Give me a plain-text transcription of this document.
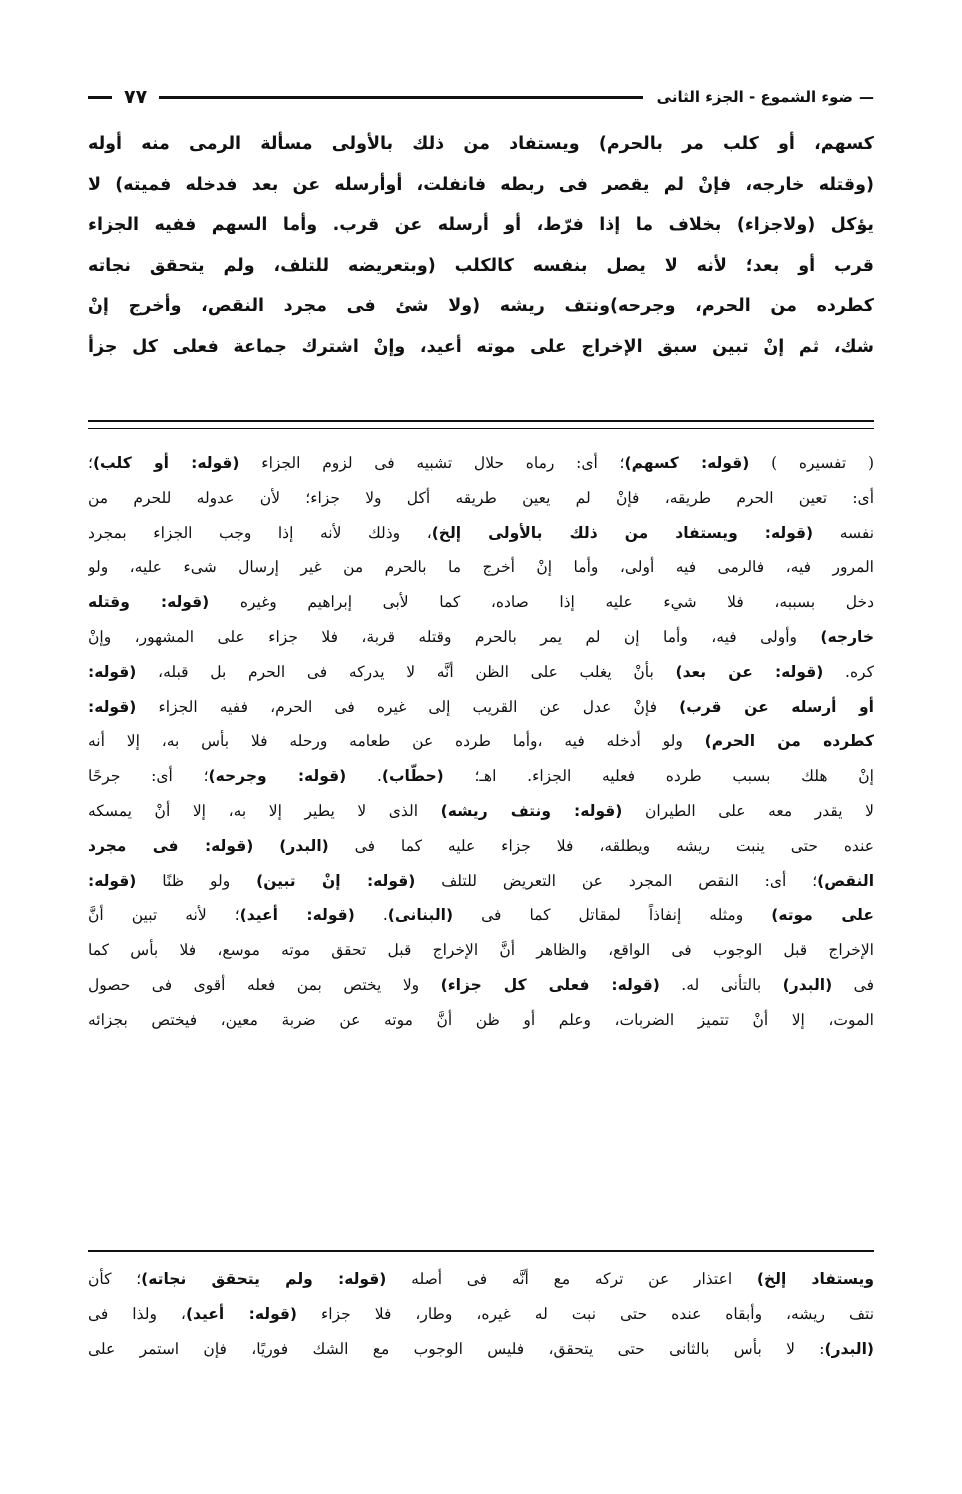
— ضوء الشموع - الجزء الثانى
٧٧

كسهم، أو كلب مر بالحرم) ويستفاد من ذلك بالأولى مسألة الرمى منه أوله

(وقتله خارجه، فإنْ لم يقصر فى ربطه فانفلت، أوأرسله عن بعد فدخله فميته) لا

يؤكل (ولاجزاء) بخلاف ما إذا فرّط، أو أرسله عن قرب. وأما السهم ففيه الجزاء

قرب أو بعد؛ لأنه لا يصل بنفسه كالكلب (وبتعريضه للتلف، ولم يتحقق نجاته

كطرده من الحرم، وجرحه)ونتف ريشه (ولا شئ فى مجرد النقص، وأخرج إنْ

شك، ثم إنْ تبين سبق الإخراج على موته أعيد، وإنْ اشترك جماعة فعلى كل جزأ

( تفسيره ) (قوله: كسهم)؛ أى: رماه حلال تشبيه فى لزوم الجزاء (قوله: أو كلب)؛

أى: تعين الحرم طريقه، فإنْ لم يعين طريقه أكل ولا جزاء؛ لأن عدوله للحرم من

نفسه (قوله: ويستفاد من ذلك بالأولى إلخ)، وذلك لأنه إذا وجب الجزاء بمجرد

المرور فيه، فالرمى فيه أولى، وأما إنْ أخرج ما بالحرم من غير إرسال شىء عليه، ولو

دخل بسببه، فلا شيء عليه إذا صاده، كما لأبى إبراهيم وغيره (قوله: وقتله

خارجه) وأولى فيه، وأما إن لم يمر بالحرم وقتله قربة، فلا جزاء على المشهور، وإنْ

كره. (قوله: عن بعد) بأنْ يغلب على الظن أنَّه لا يدركه فى الحرم بل قبله، (قوله:

أو أرسله عن قرب) فإنْ عدل عن القريب إلى غيره فى الحرم، ففيه الجزاء (قوله:

كطرده من الحرم) ولو أدخله فيه ،وأما طرده عن طعامه ورحله فلا بأس به، إلا أنه

إنْ هلك بسبب طرده فعليه الجزاء. اهـ؛ (حطّاب). (قوله: وجرحه)؛ أى: جرحًا

لا يقدر معه على الطيران (قوله: ونتف ريشه) الذى لا يطير إلا به، إلا أنْ يمسكه

عنده حتى ينبت ريشه ويطلقه، فلا جزاء عليه كما فى (البدر) (قوله: فى مجرد

النقص)؛ أى: النقص المجرد عن التعريض للتلف (قوله: إنْ تبين) ولو ظنًا (قوله:

على موته) ومثله إنفاذاً لمقاتل كما فى (البنانى). (قوله: أعيد)؛ لأنه تبين أنَّ

الإخراج قبل الوجوب فى الواقع، والظاهر أنَّ الإخراج قبل تحقق موته موسع، فلا بأس كما

فى (البدر) بالتأنى له. (قوله: فعلى كل جزاء) ولا يختص بمن فعله أقوى فى حصول

الموت، إلا أنْ تتميز الضربات، وعلم أو ظن أنَّ موته عن ضربة معين، فيختص بجزائه

ويستفاد إلخ) اعتذار عن تركه مع أنَّه فى أصله (قوله: ولم يتحقق نجاته)؛ كأن

نتف ريشه، وأبقاه عنده حتى نبت له غيره، وطار، فلا جزاء (قوله: أعيد)، ولذا فى

(البدر): لا بأس بالثانى حتى يتحقق، فليس الوجوب مع الشك فوريًا، فإن استمر على
